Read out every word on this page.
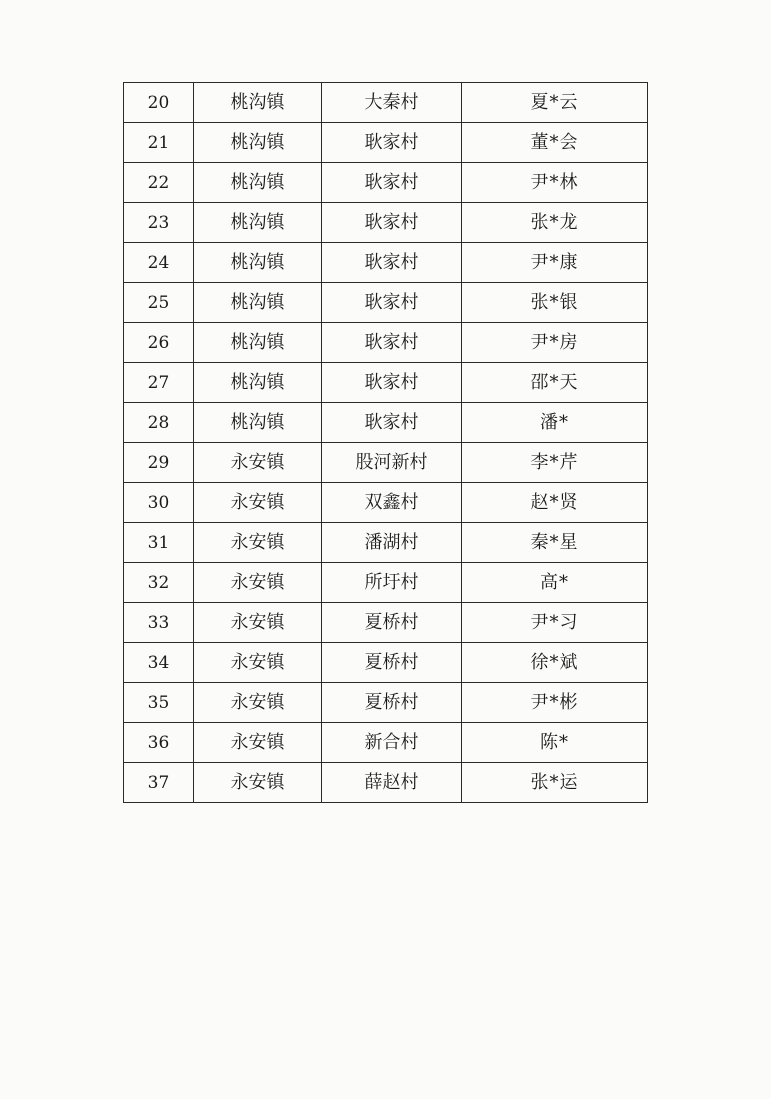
20	桃沟镇	大秦村	夏*云
21	桃沟镇	耿家村	董*会
22	桃沟镇	耿家村	尹*林
23	桃沟镇	耿家村	张*龙
24	桃沟镇	耿家村	尹*康
25	桃沟镇	耿家村	张*银
26	桃沟镇	耿家村	尹*房
27	桃沟镇	耿家村	邵*天
28	桃沟镇	耿家村	潘*
29	永安镇	股河新村	李*芹
30	永安镇	双鑫村	赵*贤
31	永安镇	潘湖村	秦*星
32	永安镇	所圩村	高*
33	永安镇	夏桥村	尹*习
34	永安镇	夏桥村	徐*斌
35	永安镇	夏桥村	尹*彬
36	永安镇	新合村	陈*
37	永安镇	薛赵村	张*运
